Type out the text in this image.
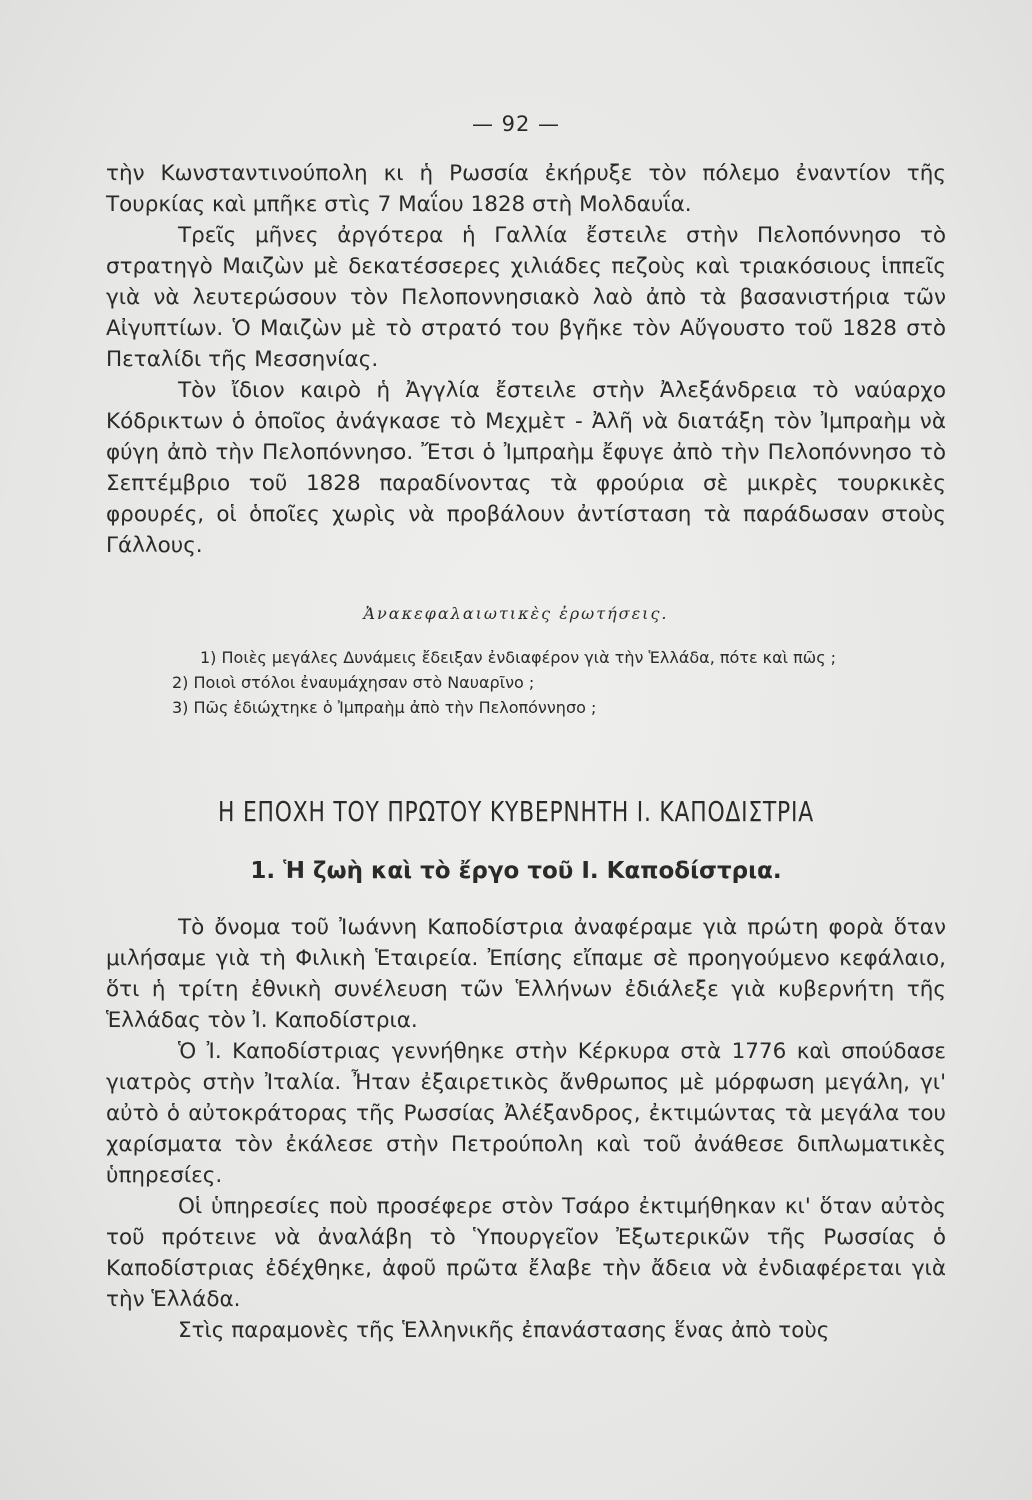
— 92 —

τὴν Κωνσταντινούπολη κι ἡ Ρωσσία ἐκήρυξε τὸν πόλεμο ἐναντίον τῆς Τουρκίας καὶ μπῆκε στὶς 7 Μαΐου 1828 στὴ Μολδαυΐα.

Τρεῖς μῆνες ἀργότερα ἡ Γαλλία ἔστειλε στὴν Πελοπόννησο τὸ στρατηγὸ Μαιζὼν μὲ δεκατέσσερες χιλιάδες πεζοὺς καὶ τριακόσιους ἱππεῖς γιὰ νὰ λευτερώσουν τὸν Πελοποννησιακὸ λαὸ ἀπὸ τὰ βασανιστήρια τῶν Αἰγυπτίων. Ὁ Μαιζὼν μὲ τὸ στρατό του βγῆκε τὸν Αὔγουστο τοῦ 1828 στὸ Πεταλίδι τῆς Μεσσηνίας.

Τὸν ἴδιον καιρὸ ἡ Ἀγγλία ἔστειλε στὴν Ἀλεξάνδρεια τὸ ναύαρχο Κόδρικτων ὁ ὁποῖος ἀνάγκασε τὸ Μεχμὲτ - Ἀλῆ νὰ διατάξη τὸν Ἰμπραὴμ νὰ φύγη ἀπὸ τὴν Πελοπόννησο. Ἔτσι ὁ Ἰμπραὴμ ἔφυγε ἀπὸ τὴν Πελοπόννησο τὸ Σεπτέμβριο τοῦ 1828 παραδίνοντας τὰ φρούρια σὲ μικρὲς τουρκικὲς φρουρές, οἱ ὁποῖες χωρὶς νὰ προβάλουν ἀντίσταση τὰ παράδωσαν στοὺς Γάλλους.

Ἀνακεφαλαιωτικὲς ἐρωτήσεις.

1) Ποιὲς μεγάλες Δυνάμεις ἔδειξαν ἐνδιαφέρον γιὰ τὴν Ἑλλάδα, πότε καὶ πῶς ;

2) Ποιοὶ στόλοι ἐναυμάχησαν στὸ Ναυαρῖνο ;

3) Πῶς ἐδιώχτηκε ὁ Ἰμπραὴμ ἀπὸ τὴν Πελοπόννησο ;

Η ΕΠΟΧΗ ΤΟΥ ΠΡΩΤΟΥ ΚΥΒΕΡΝΗΤΗ Ι. ΚΑΠΟΔΙΣΤΡΙΑ
1. Ἡ ζωὴ καὶ τὸ ἔργο τοῦ Ι. Καποδίστρια.

Τὸ ὄνομα τοῦ Ἰωάννη Καποδίστρια ἀναφέραμε γιὰ πρώτη φορὰ ὅταν μιλήσαμε γιὰ τὴ Φιλικὴ Ἑταιρεία. Ἐπίσης εἴπαμε σὲ προηγούμενο κεφάλαιο, ὅτι ἡ τρίτη ἐθνικὴ συνέλευση τῶν Ἑλλήνων ἐδιάλεξε γιὰ κυβερνήτη τῆς Ἑλλάδας τὸν Ἰ. Καποδίστρια.

Ὁ Ἰ. Καποδίστριας γεννήθηκε στὴν Κέρκυρα στὰ 1776 καὶ σπούδασε γιατρὸς στὴν Ἰταλία. Ἦταν ἐξαιρετικὸς ἄνθρωπος μὲ μόρφωση μεγάλη, γι' αὐτὸ ὁ αὐτοκράτορας τῆς Ρωσσίας Ἀλέξανδρος, ἐκτιμώντας τὰ μεγάλα του χαρίσματα τὸν ἐκάλεσε στὴν Πετρούπολη καὶ τοῦ ἀνάθεσε διπλωματικὲς ὑπηρεσίες.

Οἱ ὑπηρεσίες ποὺ προσέφερε στὸν Τσάρο ἐκτιμήθηκαν κι' ὅταν αὐτὸς τοῦ πρότεινε νὰ ἀναλάβη τὸ Ὑπουργεῖον Ἐξωτερικῶν τῆς Ρωσσίας ὁ Καποδίστριας ἐδέχθηκε, ἀφοῦ πρῶτα ἔλαβε τὴν ἄδεια νὰ ἐνδιαφέρεται γιὰ τὴν Ἑλλάδα.

Στὶς παραμονὲς τῆς Ἑλληνικῆς ἐπανάστασης ἕνας ἀπὸ τοὺς
